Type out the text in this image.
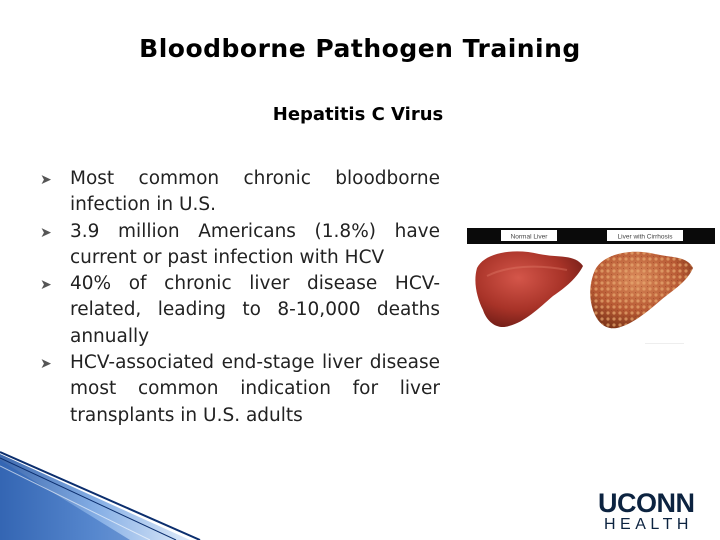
Bloodborne Pathogen Training
Hepatitis C Virus
➤ Most common chronic bloodborne infection in U.S.
➤ 3.9 million Americans (1.8%) have current or past infection with HCV
➤ 40% of chronic liver disease HCV-related, leading to 8-10,000 deaths annually
➤ HCV-associated end-stage liver disease most common indication for liver transplants in U.S. adults
Normal Liver	Liver with Cirrhosis
—————————————
UCONN
HEALTH
